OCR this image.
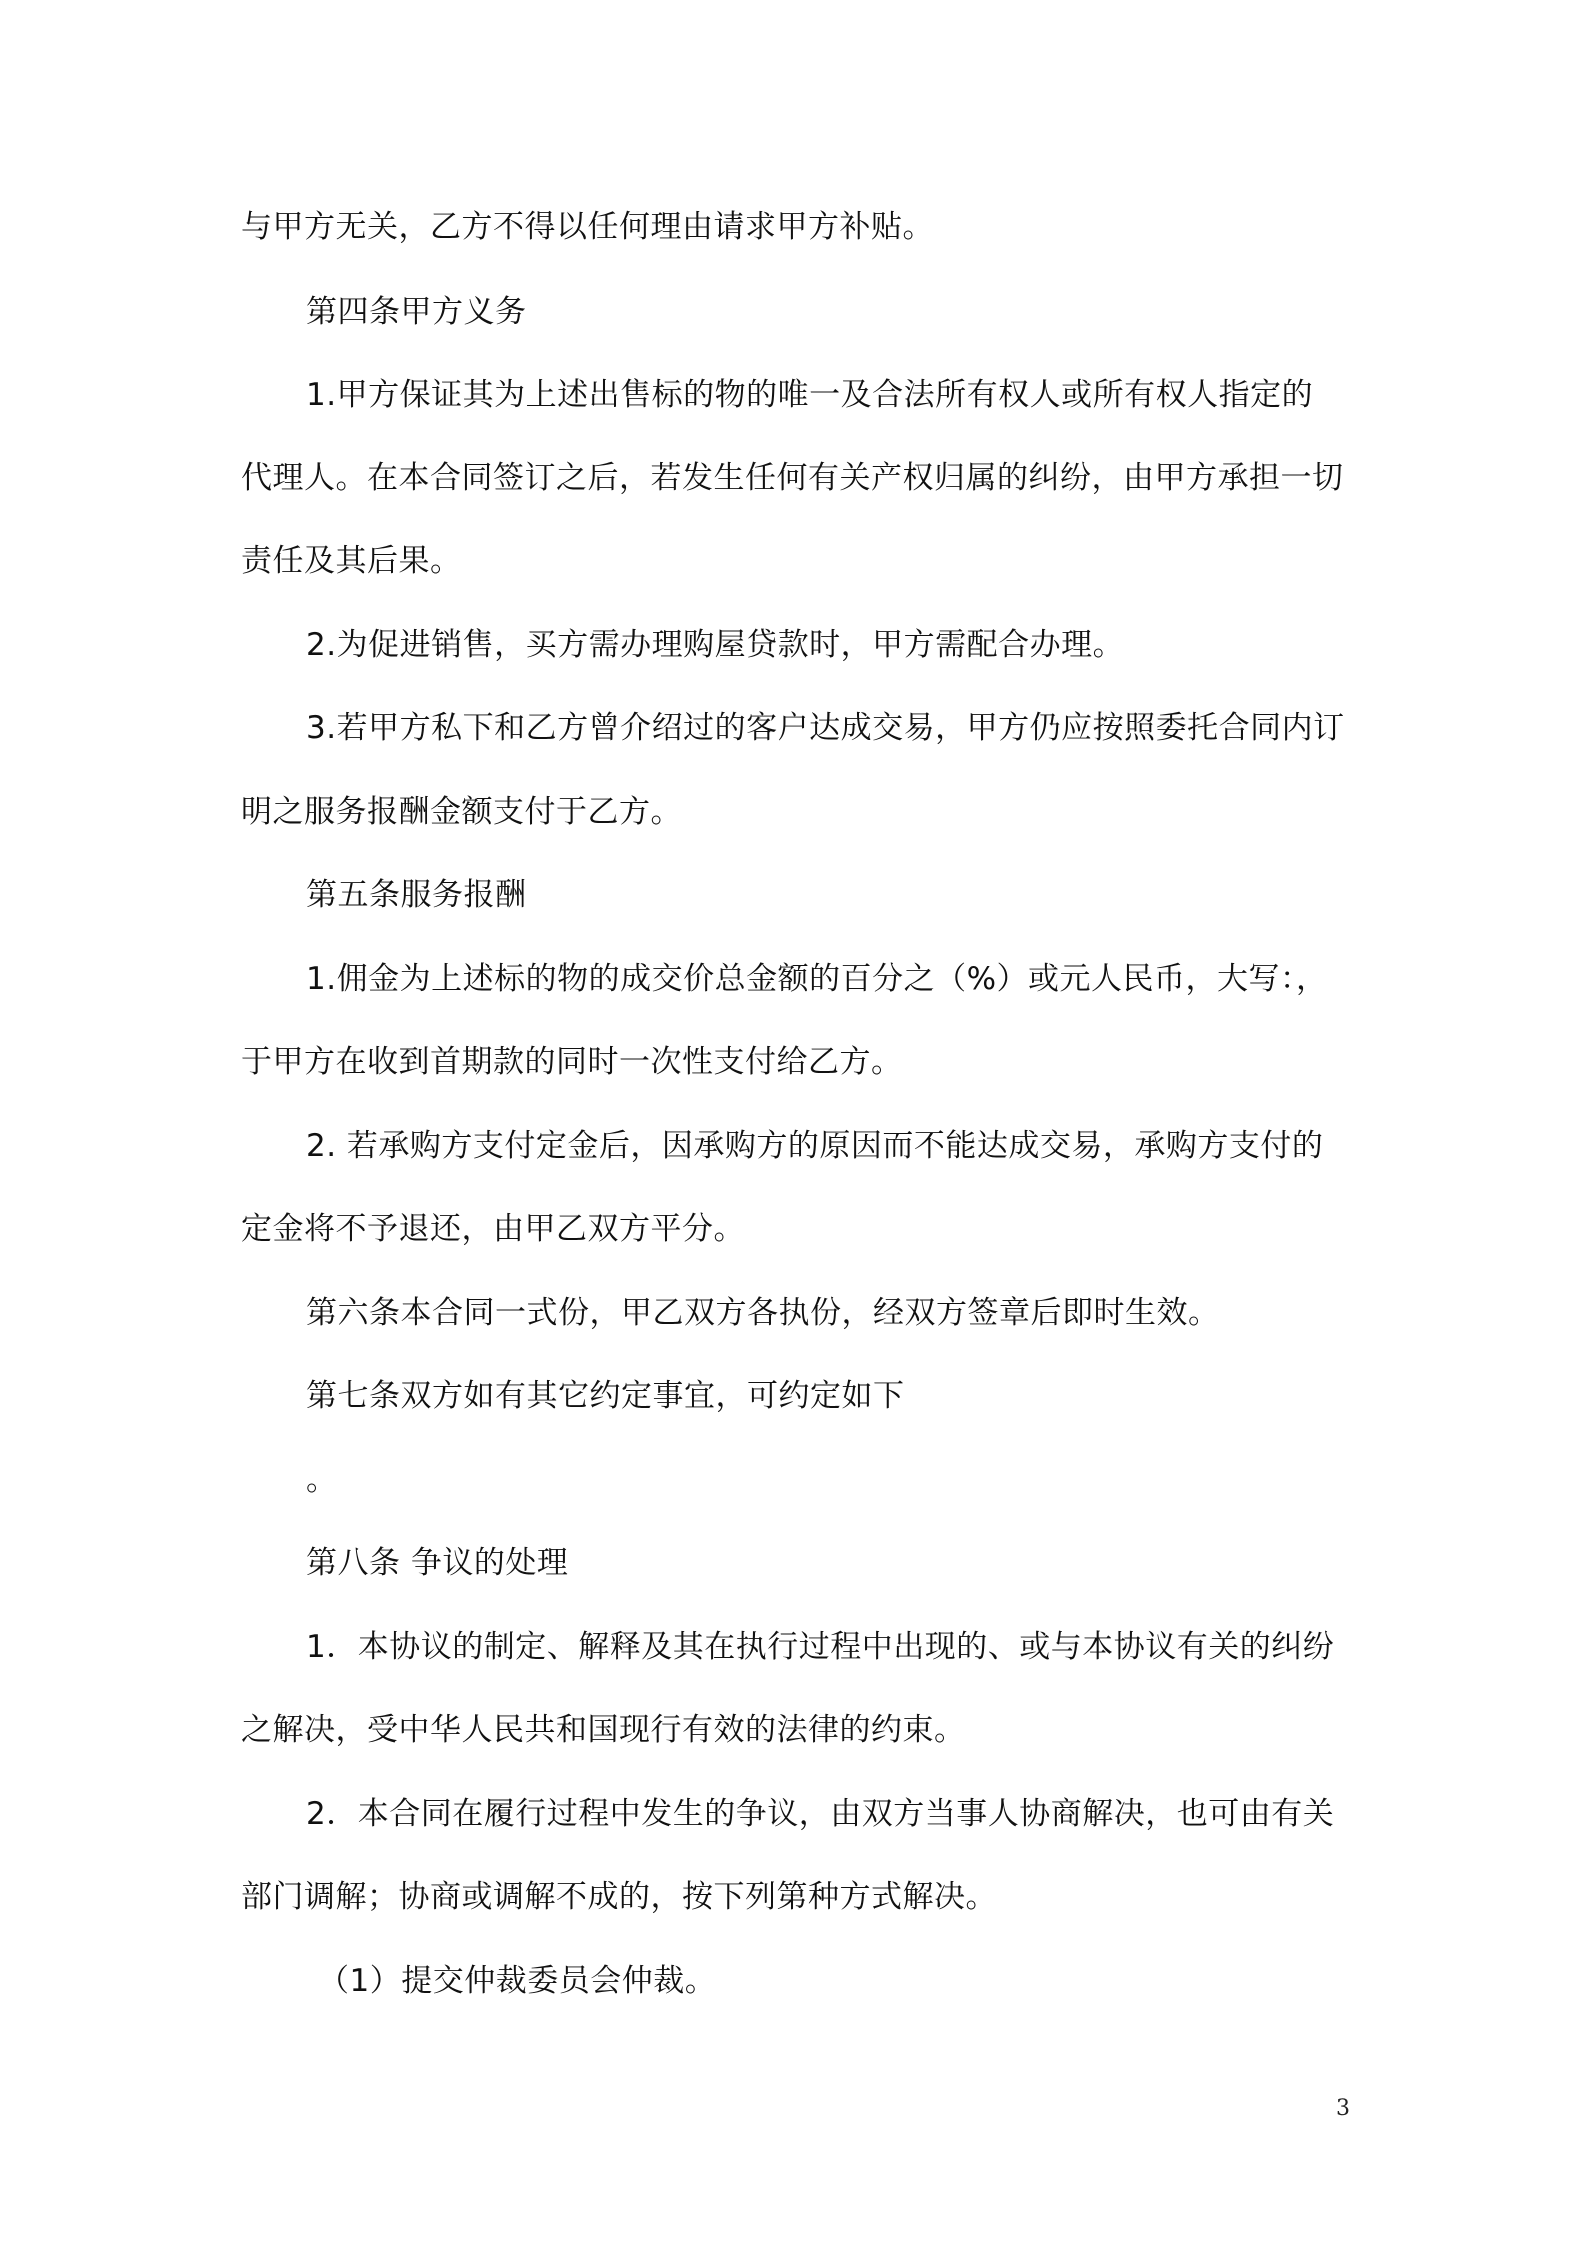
与甲方无关，乙方不得以任何理由请求甲方补贴。
第四条甲方义务
1.甲方保证其为上述出售标的物的唯一及合法所有权人或所有权人指定的
代理人。在本合同签订之后，若发生任何有关产权归属的纠纷，由甲方承担一切
责任及其后果。
2.为促进销售，买方需办理购屋贷款时，甲方需配合办理。
3.若甲方私下和乙方曾介绍过的客户达成交易，甲方仍应按照委托合同内订
明之服务报酬金额支付于乙方。
第五条服务报酬
1.佣金为上述标的物的成交价总金额的百分之（%）或元人民币，大写：，
于甲方在收到首期款的同时一次性支付给乙方。
2. 若承购方支付定金后，因承购方的原因而不能达成交易，承购方支付的
定金将不予退还，由甲乙双方平分。
第六条本合同一式份，甲乙双方各执份，经双方签章后即时生效。
第七条双方如有其它约定事宜，可约定如下
。
第八条 争议的处理
1．本协议的制定、解释及其在执行过程中出现的、或与本协议有关的纠纷
之解决，受中华人民共和国现行有效的法律的约束。
2．本合同在履行过程中发生的争议，由双方当事人协商解决，也可由有关
部门调解；协商或调解不成的，按下列第种方式解决。
（1）提交仲裁委员会仲裁。
3
